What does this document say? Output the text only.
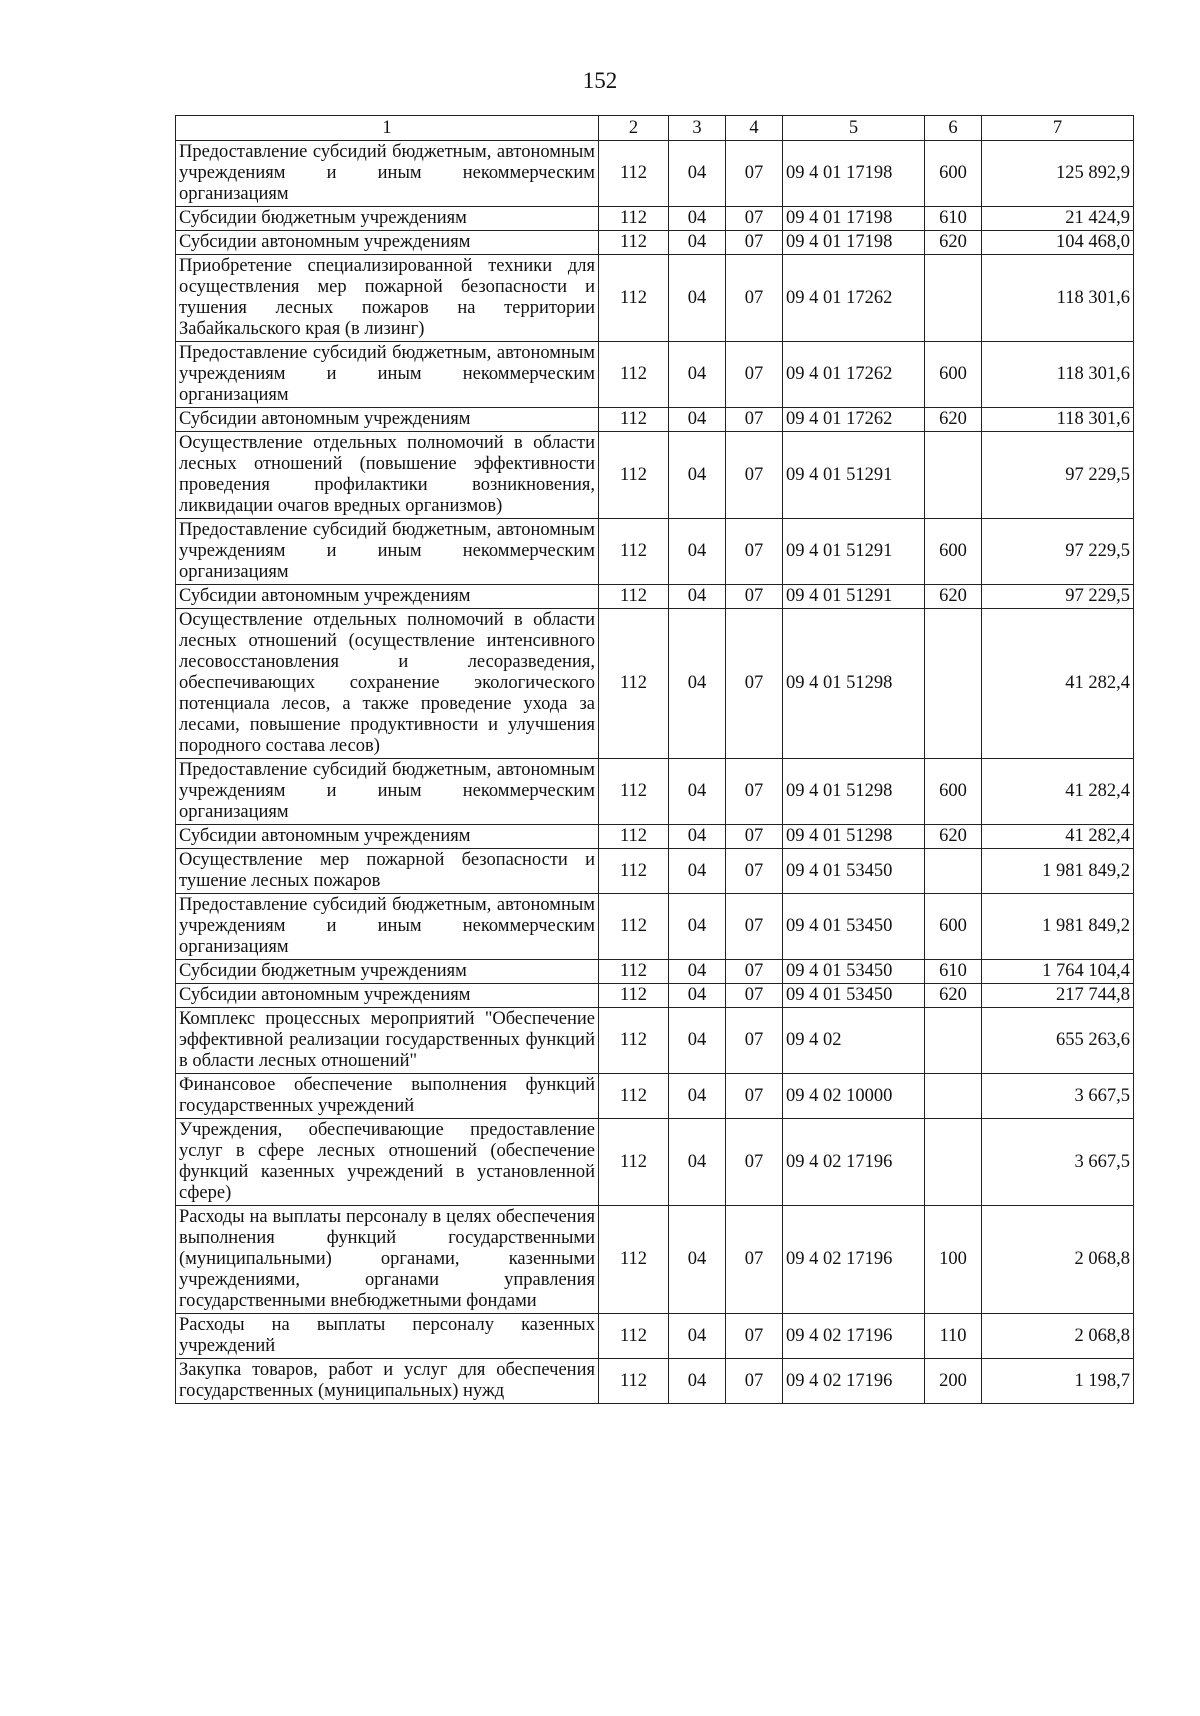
152
1	2	3	4	5	6	7
Предоставление субсидий бюджетным, автономным учреждениям и иным некоммерческим организациям	112	04	07	09 4 01 17198	600	125 892,9
Субсидии бюджетным учреждениям	112	04	07	09 4 01 17198	610	21 424,9
Субсидии автономным учреждениям	112	04	07	09 4 01 17198	620	104 468,0
Приобретение специализированной техники для осуществления мер пожарной безопасности и тушения лесных пожаров на территории Забайкальского края (в лизинг)	112	04	07	09 4 01 17262		118 301,6
Предоставление субсидий бюджетным, автономным учреждениям и иным некоммерческим организациям	112	04	07	09 4 01 17262	600	118 301,6
Субсидии автономным учреждениям	112	04	07	09 4 01 17262	620	118 301,6
Осуществление отдельных полномочий в области лесных отношений (повышение эффективности проведения профилактики возникновения, ликвидации очагов вредных организмов)	112	04	07	09 4 01 51291		97 229,5
Предоставление субсидий бюджетным, автономным учреждениям и иным некоммерческим организациям	112	04	07	09 4 01 51291	600	97 229,5
Субсидии автономным учреждениям	112	04	07	09 4 01 51291	620	97 229,5
Осуществление отдельных полномочий в области лесных отношений (осуществление интенсивного лесовосстановления и лесоразведения, обеспечивающих сохранение экологического потенциала лесов, а также проведение ухода за лесами, повышение продуктивности и улучшения породного состава лесов)	112	04	07	09 4 01 51298		41 282,4
Предоставление субсидий бюджетным, автономным учреждениям и иным некоммерческим организациям	112	04	07	09 4 01 51298	600	41 282,4
Субсидии автономным учреждениям	112	04	07	09 4 01 51298	620	41 282,4
Осуществление мер пожарной безопасности и тушение лесных пожаров	112	04	07	09 4 01 53450		1 981 849,2
Предоставление субсидий бюджетным, автономным учреждениям и иным некоммерческим организациям	112	04	07	09 4 01 53450	600	1 981 849,2
Субсидии бюджетным учреждениям	112	04	07	09 4 01 53450	610	1 764 104,4
Субсидии автономным учреждениям	112	04	07	09 4 01 53450	620	217 744,8
Комплекс процессных мероприятий "Обеспечение эффективной реализации государственных функций в области лесных отношений"	112	04	07	09 4 02		655 263,6
Финансовое обеспечение выполнения функций государственных учреждений	112	04	07	09 4 02 10000		3 667,5
Учреждения, обеспечивающие предоставление услуг в сфере лесных отношений (обеспечение функций казенных учреждений в установленной сфере)	112	04	07	09 4 02 17196		3 667,5
Расходы на выплаты персоналу в целях обеспечения выполнения функций государственными (муниципальными) органами, казенными учреждениями, органами управления государственными внебюджетными фондами	112	04	07	09 4 02 17196	100	2 068,8
Расходы на выплаты персоналу казенных учреждений	112	04	07	09 4 02 17196	110	2 068,8
Закупка товаров, работ и услуг для обеспечения государственных (муниципальных) нужд	112	04	07	09 4 02 17196	200	1 198,7
